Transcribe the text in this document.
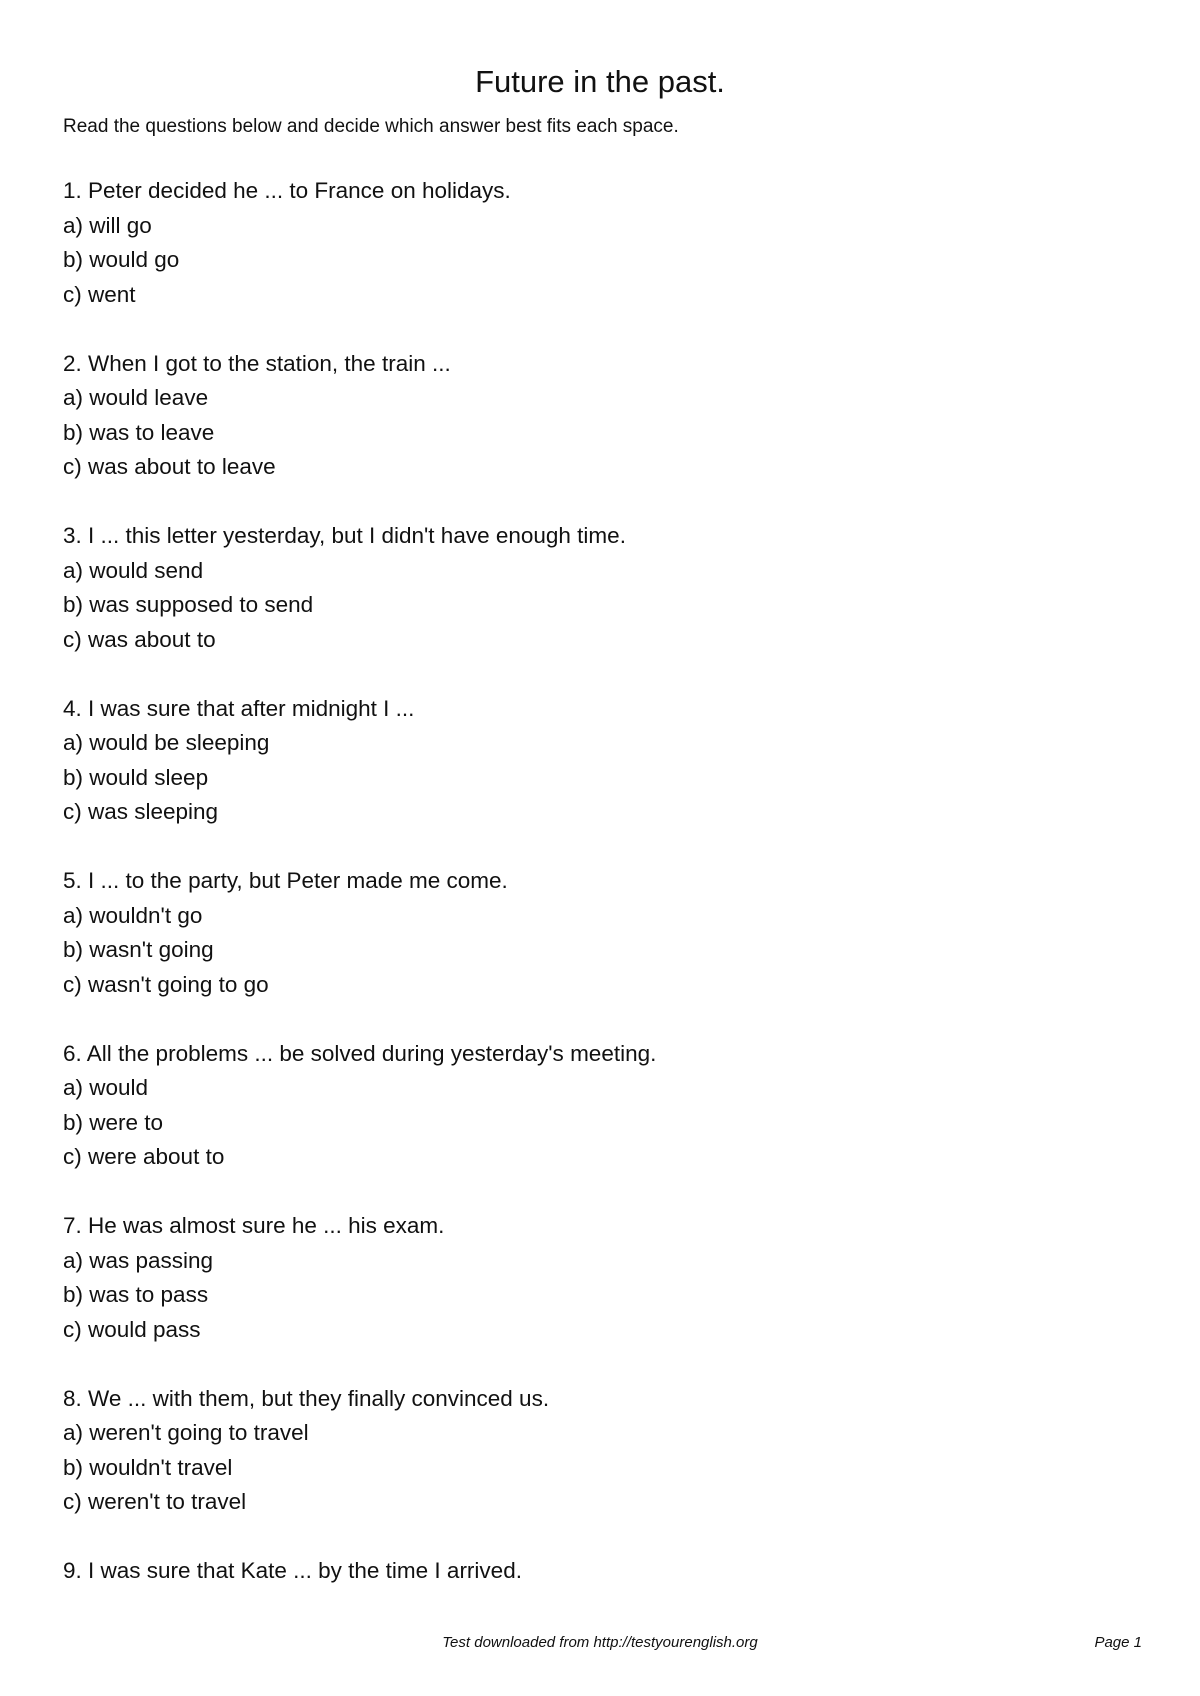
Future in the past.

Read the questions below and decide which answer best fits each space.

1. Peter decided he ... to France on holidays.
a) will go
b) would go
c) went
2. When I got to the station, the train ...
a) would leave
b) was to leave
c) was about to leave
3. I ... this letter yesterday, but I didn't have enough time.
a) would send
b) was supposed to send
c) was about to
4. I was sure that after midnight I ...
a) would be sleeping
b) would sleep
c) was sleeping
5. I ... to the party, but Peter made me come.
a) wouldn't go
b) wasn't going
c) wasn't going to go
6. All the problems ... be solved during yesterday's meeting.
a) would
b) were to
c) were about to
7. He was almost sure he ... his exam.
a) was passing
b) was to pass
c) would pass
8. We ... with them, but they finally convinced us.
a) weren't going to travel
b) wouldn't travel
c) weren't to travel
9. I was sure that Kate ... by the time I arrived.
Test downloaded from http://testyourenglish.org	Page 1
